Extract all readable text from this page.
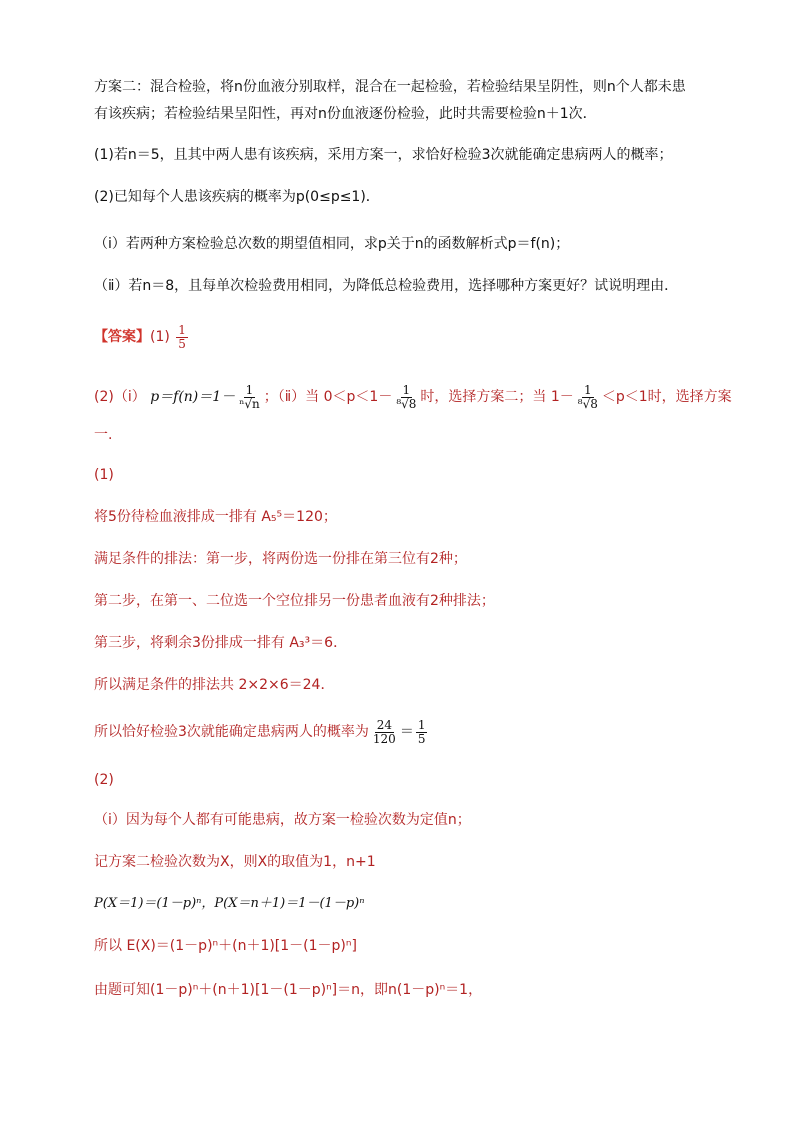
方案二：混合检验，将n份血液分别取样，混合在一起检验，若检验结果呈阴性，则n个人都未患
有该疾病；若检验结果呈阳性，再对n份血液逐份检验，此时共需要检验n＋1次．
(1)若n＝5，且其中两人患有该疾病，采用方案一，求恰好检验3次就能确定患病两人的概率；
(2)已知每个人患该疾病的概率为p(0≤p≤1)．
（ⅰ）若两种方案检验总次数的期望值相同，求p关于n的函数解析式p＝f(n)；
（ⅱ）若n＝8，且每单次检验费用相同，为降低总检验费用，选择哪种方案更好？试说明理由．
【答案】$(1) \frac{1}{5}$
(2)（ⅰ） $p=f(n)=1- \frac{1}{\text{ⁿ√n}}$ ；（ⅱ）当 $0<p<1- \frac{1}{\text{⁸√8}}$ 时，选择方案二；当 $1- \frac{1}{\text{⁸√8}} <p<1$时，选择方案
一.
(1)
将5份待检血液排成一排有 A₅⁵＝120；
满足条件的排法：第一步，将两份选一份排在第三位有2种；
第二步，在第一、二位选一个空位排另一份患者血液有2种排法；
第三步，将剩余3份排成一排有 A₃³＝6．
所以满足条件的排法共 2×2×6＝24．
所以恰好检验3次就能确定患病两人的概率为 $\frac{24}{120} = \frac{1}{5}$
(2)
（ⅰ）因为每个人都有可能患病，故方案一检验次数为定值n；
记方案二检验次数为X，则X的取值为1，n+1
P(X＝1)＝(1－p)ⁿ，P(X＝n＋1)＝1－(1－p)ⁿ
所以 E(X)＝(1－p)ⁿ＋(n＋1)[1－(1－p)ⁿ]
由题可知(1－p)ⁿ＋(n＋1)[1－(1－p)ⁿ]＝n，即n(1－p)ⁿ＝1，
